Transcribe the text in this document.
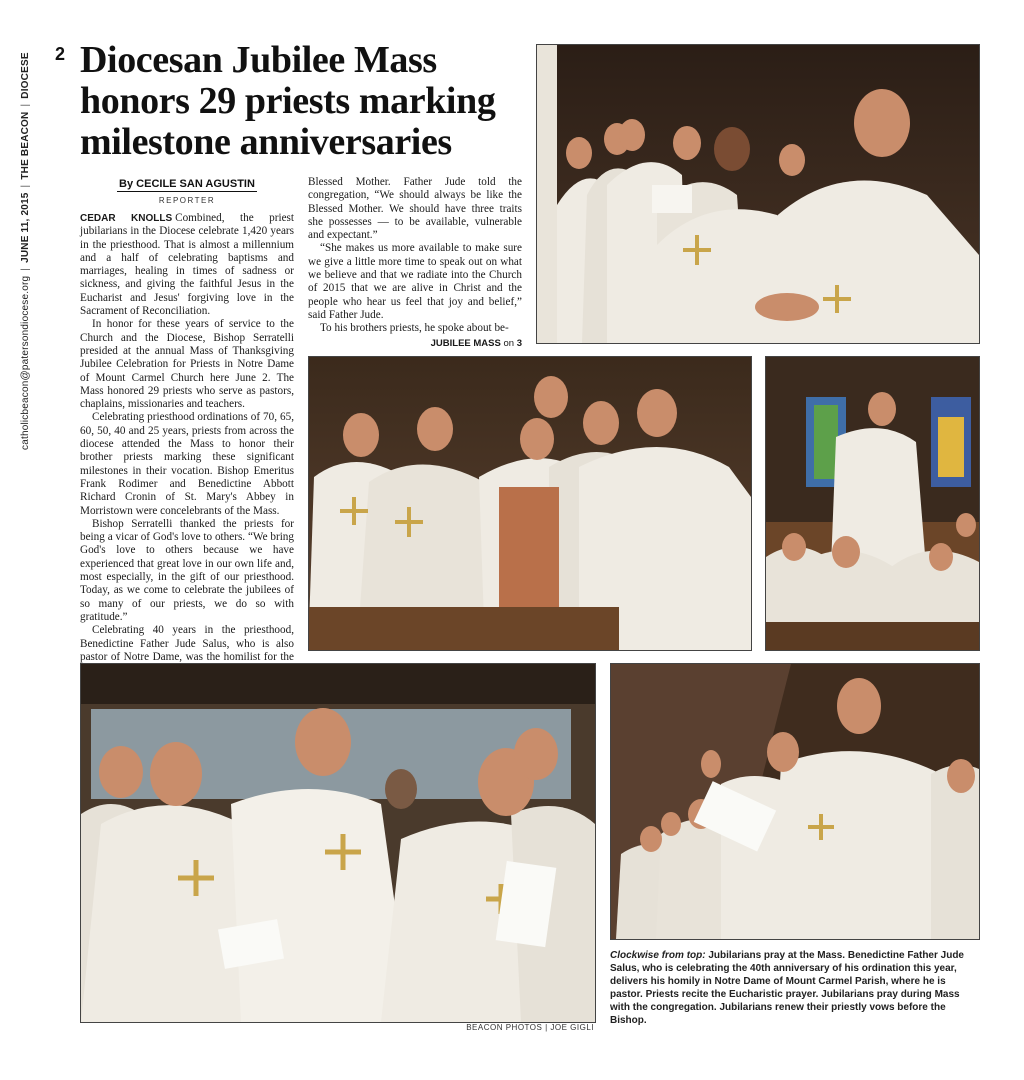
2
catholicbeacon@patersondiocese.org|JUNE 11, 2015|THE BEACON|DIOCESE Diocesan Jubilee Mass honors 29 priests marking milestone anniversaries
By CECILE SAN AGUSTIN
REPORTER

CEDAR KNOLLS Combined, the priest jubilarians in the Diocese celebrate 1,420 years in the priesthood. That is almost a millennium and a half of celebrating baptisms and marriages, healing in times of sadness or sickness, and giving the faithful Jesus in the Eucharist and Jesus' forgiving love in the Sacrament of Reconciliation.

In honor for these years of service to the Church and the Diocese, Bishop Serratelli presided at the annual Mass of Thanksgiving Jubilee Celebration for Priests in Notre Dame of Mount Carmel Church here June 2. The Mass honored 29 priests who serve as pastors, chaplains, missionaries and teachers.

Celebrating priesthood ordinations of 70, 65, 60, 50, 40 and 25 years, priests from across the diocese attended the Mass to honor their brother priests marking these significant milestones in their vocation. Bishop Emeritus Frank Rodimer and Benedictine Abbott Richard Cronin of St. Mary's Abbey in Morristown were concelebrants of the Mass.

Bishop Serratelli thanked the priests for being a vicar of God's love to others. “We bring God's love to others because we have experienced that great love in our own life and, most especially, in the gift of our priesthood. Today, as we come to celebrate the jubilees of so many of our priests, we do so with gratitude.”

Celebrating 40 years in the priesthood, Benedictine Father Jude Salus, who is also pastor of Notre Dame, was the homilist for the

Blessed Mother. Father Jude told the congregation, “We should always be like the Blessed Mother. We should have three traits she possesses — to be available, vulnerable and expectant.”

“She makes us more available to make sure we give a little more time to speak out on what we believe and that we radiate into the Church of 2015 that we are alive in Christ and the people who hear us feel that joy and belief,” said Father Jude.

To his brothers priests, he spoke about be-

JUBILEE MASS on 3
BEACON PHOTOS | JOE GIGLI
Clockwise from top: Jubilarians pray at the Mass. Benedictine Father Jude Salus, who is celebrating the 40th anniversary of his ordination this year, delivers his homily in Notre Dame of Mount Carmel Parish, where he is pastor. Priests recite the Eucharistic prayer. Jubilarians pray during Mass with the congregation. Jubilarians renew their priestly vows before the Bishop.
